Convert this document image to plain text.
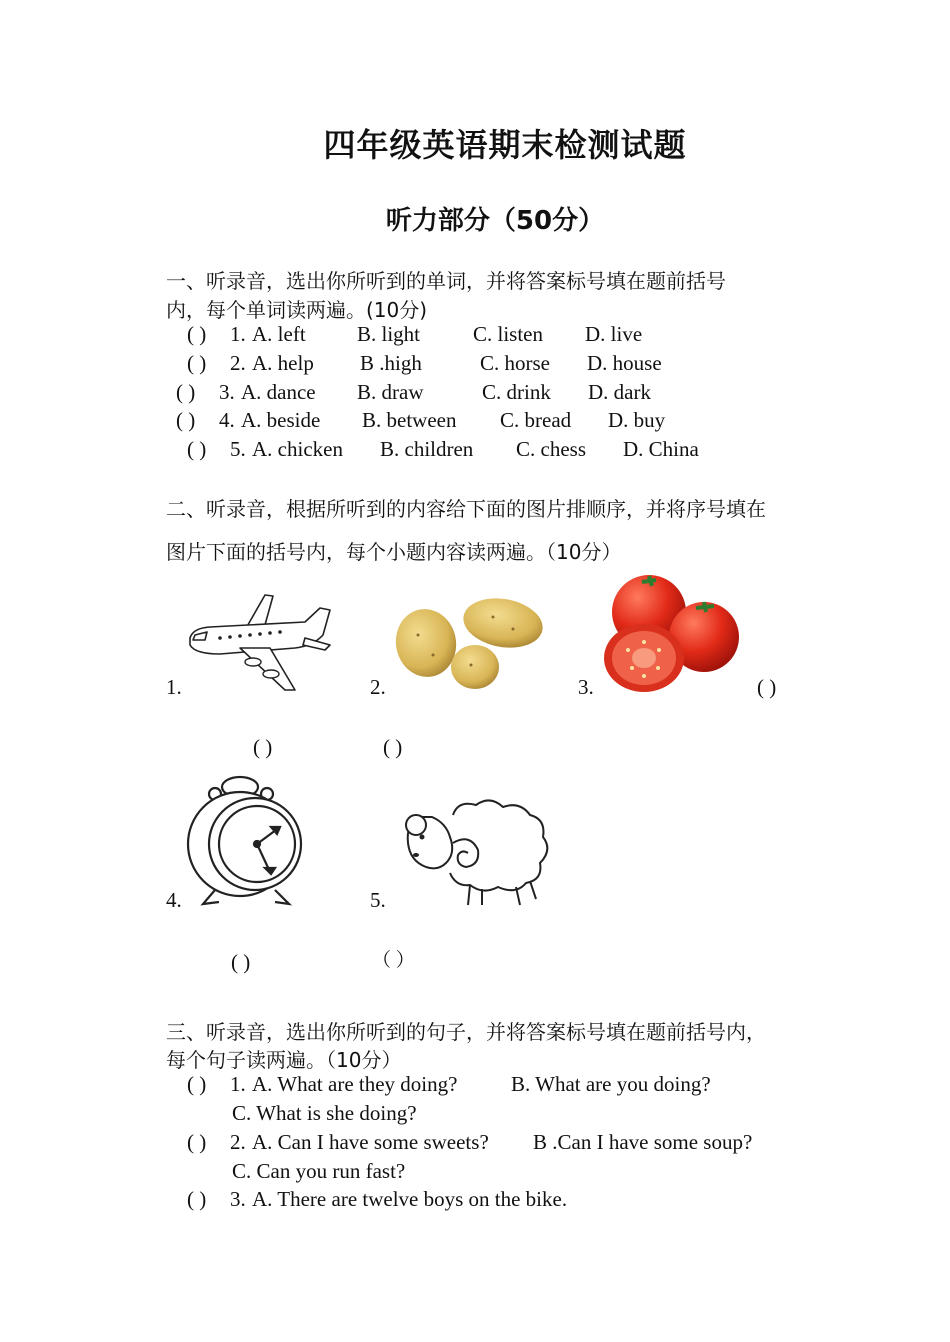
四年级英语期末检测试题
听力部分（50分）
一、听录音，选出你所听到的单词，并将答案标号填在题前括号
内，每个单词读两遍。(10分)
( ) 1. A. left B. light	C. listen D. live
( ) 2. A. help B .high	C. horse D. house
( ) 3. A. dance B. draw	C. drink D. dark
( ) 4. A. beside B. between C. bread D. buy
( ) 5. A. chicken B. children C. chess D. China
二、听录音，根据所听到的内容给下面的图片排顺序，并将序号填在
图片下面的括号内，每个小题内容读两遍。（10分）
1.	2.	3.	( )
( )	( )
4.	5.
( )	（ ）
三、听录音，选出你所听到的句子，并将答案标号填在题前括号内，
每个句子读两遍。（10分）
( ) 1. A. What are they doing?	B. What are you doing?
C. What is she doing?
( ) 2. A. Can I have some sweets? B .Can I have some soup?
C. Can you run fast?
( ) 3. A. There are twelve boys on the bike.
